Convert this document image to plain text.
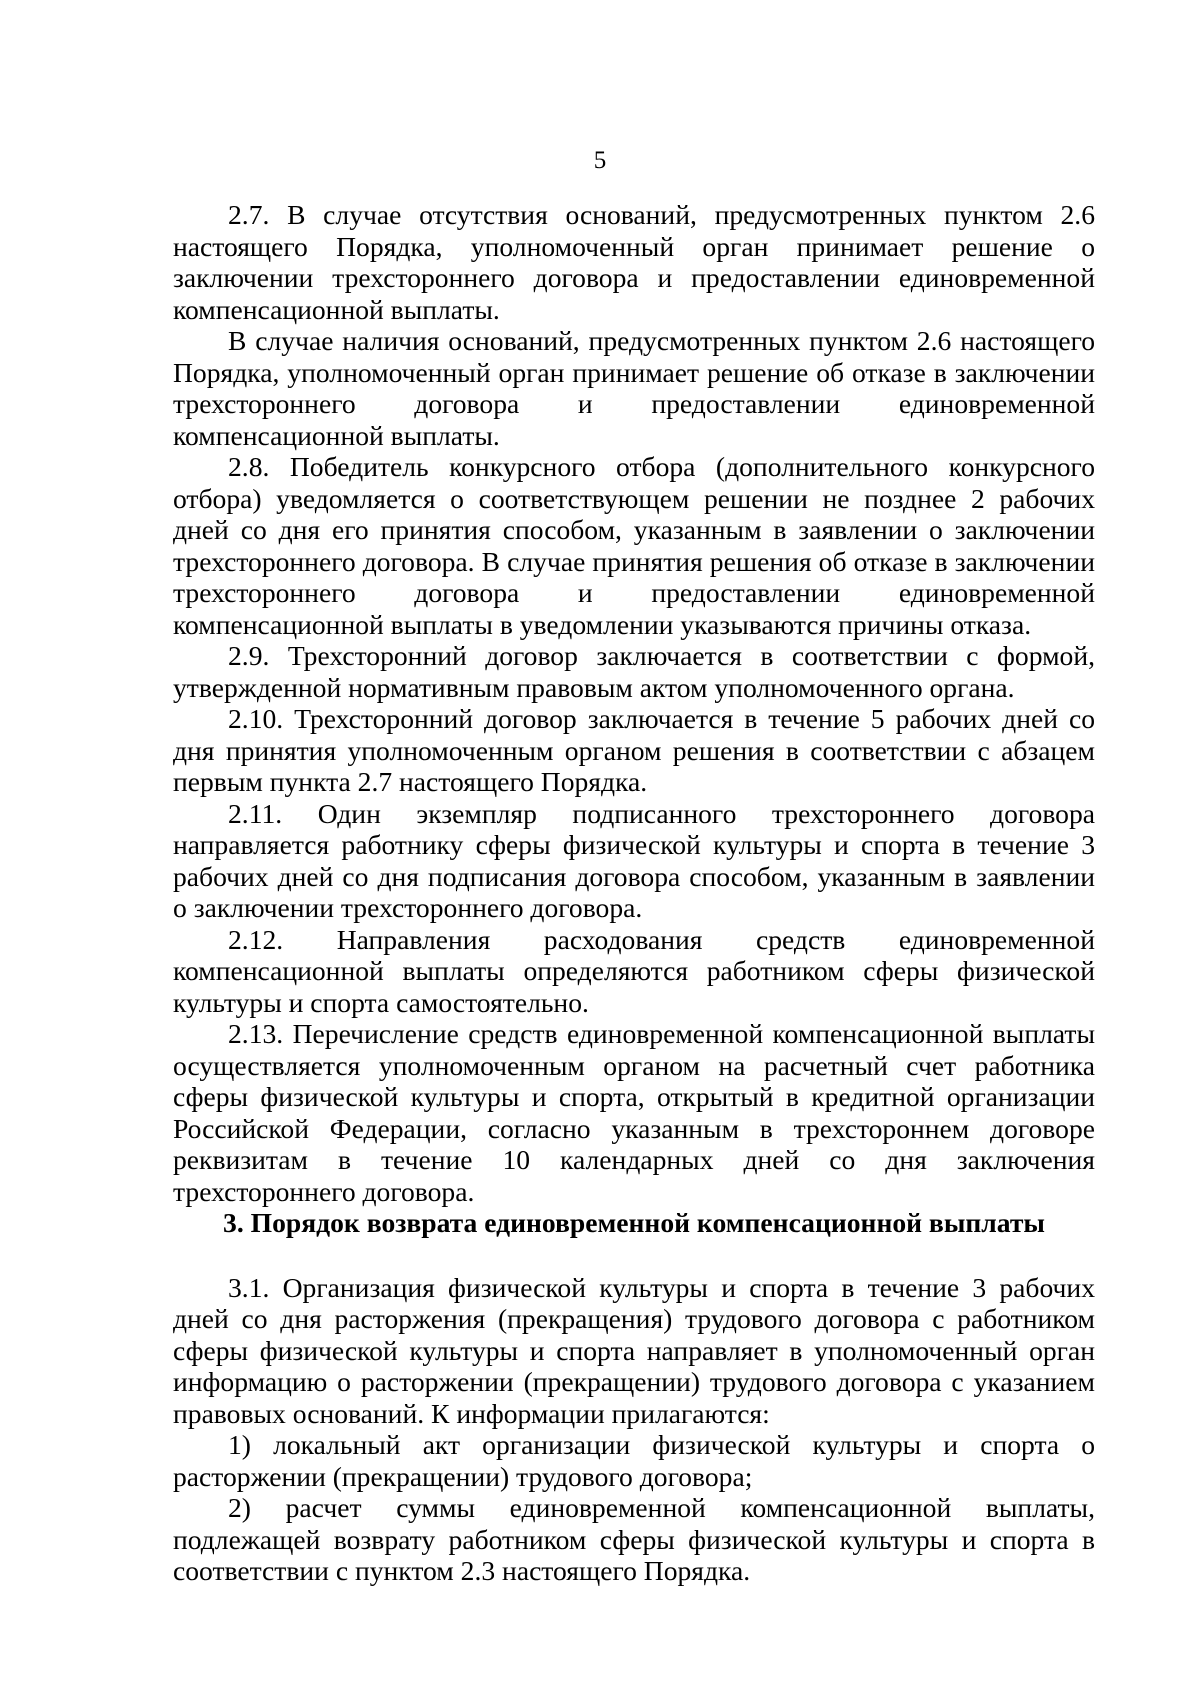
5

2.7. В случае отсутствия оснований, предусмотренных пунктом 2.6 настоящего Порядка, уполномоченный орган принимает решение о заключении трехстороннего договора и предоставлении единовременной компенсационной выплаты.

В случае наличия оснований, предусмотренных пунктом 2.6 настоящего Порядка, уполномоченный орган принимает решение об отказе в заключении трехстороннего договора и предоставлении единовременной компенсационной выплаты.

2.8. Победитель конкурсного отбора (дополнительного конкурсного отбора) уведомляется о соответствующем решении не позднее 2 рабочих дней со дня его принятия способом, указанным в заявлении о заключении трехстороннего договора. В случае принятия решения об отказе в заключении трехстороннего договора и предоставлении единовременной компенсационной выплаты в уведомлении указываются причины отказа.

2.9. Трехсторонний договор заключается в соответствии с формой, утвержденной нормативным правовым актом уполномоченного органа.

2.10. Трехсторонний договор заключается в течение 5 рабочих дней со дня принятия уполномоченным органом решения в соответствии с абзацем первым пункта 2.7 настоящего Порядка.

2.11. Один экземпляр подписанного трехстороннего договора направляется работнику сферы физической культуры и спорта в течение 3 рабочих дней со дня подписания договора способом, указанным в заявлении о заключении трехстороннего договора.

2.12. Направления расходования средств единовременной компенсационной выплаты определяются работником сферы физической культуры и спорта самостоятельно.

2.13. Перечисление средств единовременной компенсационной выплаты осуществляется уполномоченным органом на расчетный счет работника сферы физической культуры и спорта, открытый в кредитной организации Российской Федерации, согласно указанным в трехстороннем договоре реквизитам в течение 10 календарных дней со дня заключения трехстороннего договора.

3. Порядок возврата единовременной компенсационной выплаты

3.1. Организация физической культуры и спорта в течение 3 рабочих дней со дня расторжения (прекращения) трудового договора с работником сферы физической культуры и спорта направляет в уполномоченный орган информацию о расторжении (прекращении) трудового договора с указанием правовых оснований. К информации прилагаются:

1) локальный акт организации физической культуры и спорта о расторжении (прекращении) трудового договора;

2) расчет суммы единовременной компенсационной выплаты, подлежащей возврату работником сферы физической культуры и спорта в соответствии с пунктом 2.3 настоящего Порядка.
